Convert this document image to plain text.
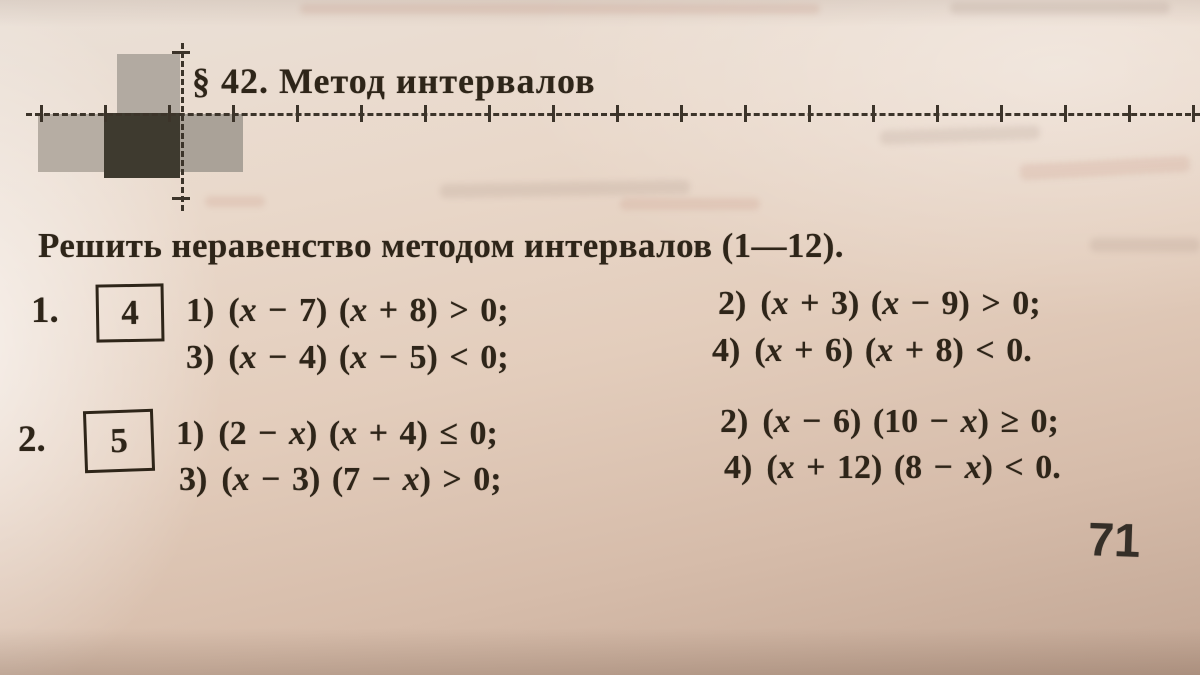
§ 42. Метод интервалов
Решить неравенство методом интервалов (1—12).
1. 4 1) (x − 7) (x + 8) > 0;	2) (x + 3) (x − 9) > 0;
3) (x − 4) (x − 5) < 0;	4) (x + 6) (x + 8) < 0.
2. 5 1) (2 − x) (x + 4) ≤ 0;	2) (x − 6) (10 − x) ≥ 0;
3) (x − 3) (7 − x) > 0;	4) (x + 12) (8 − x) < 0.
71
